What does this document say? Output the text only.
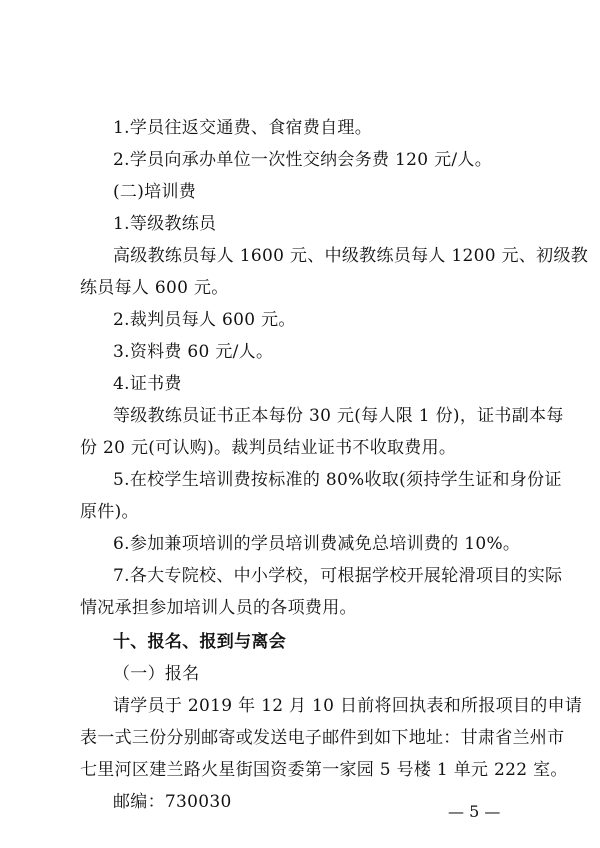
1.学员往返交通费、食宿费自理。
2.学员向承办单位一次性交纳会务费 120 元/人。
(二)培训费
1.等级教练员
高级教练员每人 1600 元、中级教练员每人 1200 元、初级教
练员每人 600 元。
2.裁判员每人 600 元。
3.资料费 60 元/人。
4.证书费
等级教练员证书正本每份 30 元(每人限 1 份)，证书副本每
份 20 元(可认购)。裁判员结业证书不收取费用。
5.在校学生培训费按标准的 80%收取(须持学生证和身份证
原件)。
6.参加兼项培训的学员培训费减免总培训费的 10%。
7.各大专院校、中小学校，可根据学校开展轮滑项目的实际
情况承担参加培训人员的各项费用。
十、报名、报到与离会
（一）报名
请学员于 2019 年 12 月 10 日前将回执表和所报项目的申请
表一式三份分别邮寄或发送电子邮件到如下地址：甘肃省兰州市
七里河区建兰路火星街国资委第一家园 5 号楼 1 单元 222 室。
邮编：730030	— 5 —
